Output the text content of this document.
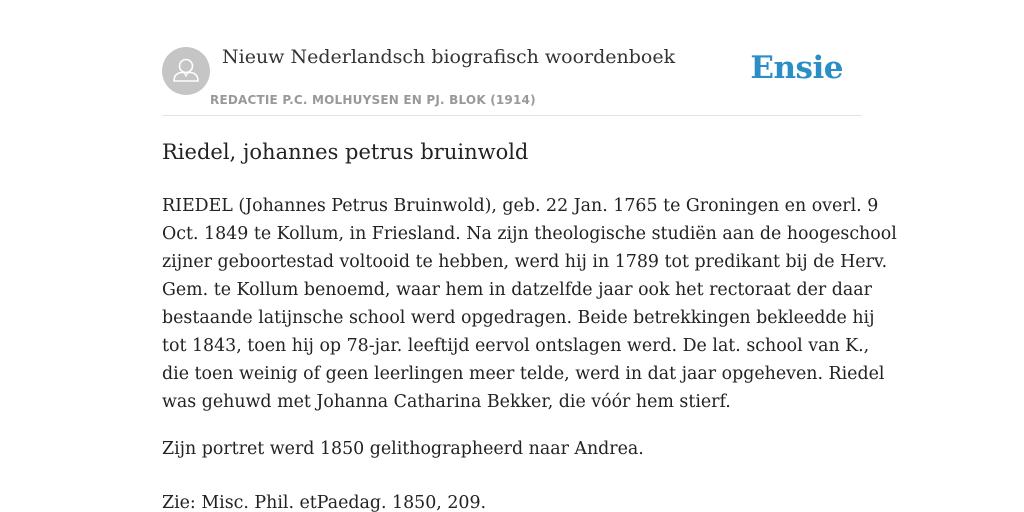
Nieuw Nederlandsch biografisch woordenboek
REDACTIE P.C. MOLHUYSEN EN PJ. BLOK (1914)
Ensie
Riedel, johannes petrus bruinwold

RIEDEL (Johannes Petrus Bruinwold), geb. 22 Jan. 1765 te Groningen en overl. 9
Oct. 1849 te Kollum, in Friesland. Na zijn theologische studiën aan de hoogeschool
zijner geboortestad voltooid te hebben, werd hij in 1789 tot predikant bij de Herv.
Gem. te Kollum benoemd, waar hem in datzelfde jaar ook het rectoraat der daar
bestaande latijnsche school werd opgedragen. Beide betrekkingen bekleedde hij
tot 1843, toen hij op 78-jar. leeftijd eervol ontslagen werd. De lat. school van K.,
die toen weinig of geen leerlingen meer telde, werd in dat jaar opgeheven. Riedel
was gehuwd met Johanna Catharina Bekker, die vóór hem stierf.

Zijn portret werd 1850 gelithographeerd naar Andrea.

Zie: Misc. Phil. etPaedag. 1850, 209.
